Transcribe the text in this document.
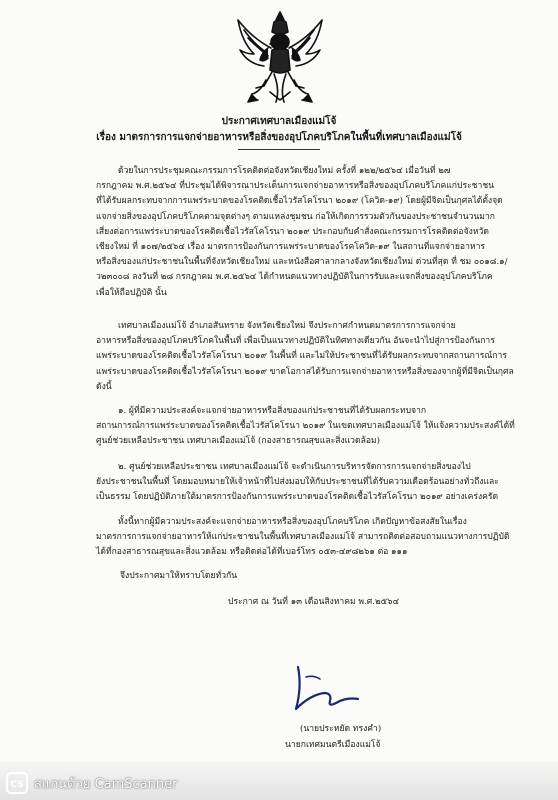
ประกาศเทศบาลเมืองแม่โจ้
เรื่อง มาตรการการแจกจ่ายอาหารหรือสิ่งของอุปโภคบริโภคในพื้นที่เทศบาลเมืองแม่โจ้
ด้วยในการประชุมคณะกรรมการโรคติดต่อจังหวัดเชียงใหม่ ครั้งที่ ๑๒๒/๒๕๖๔ เมื่อวันที่ ๒๗
กรกฎาคม พ.ศ.๒๕๖๔ ที่ประชุมได้พิจารณาประเด็นการแจกจ่ายอาหารหรือสิ่งของอุปโภคบริโภคแก่ประชาชน
ที่ได้รับผลกระทบจากการแพร่ระบาดของโรคติดเชื้อไวรัสโคโรนา ๒๐๑๙ (โควิด-๑๙) โดยผู้มีจิตเป็นกุศลได้ตั้งจุด
แจกจ่ายสิ่งของอุปโภคบริโภคตามจุดต่างๆ ตามแหล่งชุมชน ก่อให้เกิดการรวมตัวกันของประชาชนจำนวนมาก
เสี่ยงต่อการแพร่ระบาดของโรคติดเชื้อไวรัสโคโรนา ๒๐๑๙ ประกอบกับคำสั่งคณะกรรมการโรคติดต่อจังหวัด
เชียงใหม่ ที่ ๑๐๗/๒๕๖๔ เรื่อง มาตรการป้องกันการแพร่ระบาดของโรคโควิด-๑๙ ในสถานที่แจกจ่ายอาหาร
หรือสิ่งของแก่ประชาชนในพื้นที่จังหวัดเชียงใหม่ และหนังสือศาลากลางจังหวัดเชียงใหม่ ด่วนที่สุด ที่ ชม ๐๐๑๘.๑/
ว๒๓๐๐๘ ลงวันที่ ๒๘ กรกฎาคม พ.ศ.๒๕๖๔ ได้กำหนดแนวทางปฏิบัติในการรับและแจกสิ่งของอุปโภคบริโภค
เพื่อให้ถือปฏิบัติ นั้น
เทศบาลเมืองแม่โจ้ อำเภอสันทราย จังหวัดเชียงใหม่ จึงประกาศกำหนดมาตรการการแจกจ่าย
อาหารหรือสิ่งของอุปโภคบริโภคในพื้นที่ เพื่อเป็นแนวทางปฏิบัติในทิศทางเดียวกัน อันจะนำไปสู่การป้องกันการ
แพร่ระบาดของโรคติดเชื้อไวรัสโคโรนา ๒๐๑๙ ในพื้นที่ และไม่ให้ประชาชนที่ได้รับผลกระทบจากสถานการณ์การ
แพร่ระบาดของโรคติดเชื้อไวรัสโคโรนา ๒๐๑๙ ขาดโอกาสได้รับการแจกจ่ายอาหารหรือสิ่งของจากผู้ที่มีจิตเป็นกุศล
ดังนี้
๑. ผู้ที่มีความประสงค์จะแจกจ่ายอาหารหรือสิ่งของแก่ประชาชนที่ได้รับผลกระทบจาก
สถานการณ์การแพร่ระบาดของโรคติดเชื้อไวรัสโคโรนา ๒๐๑๙ ในเขตเทศบาลเมืองแม่โจ้ ให้แจ้งความประสงค์ได้ที่
ศูนย์ช่วยเหลือประชาชน เทศบาลเมืองแม่โจ้ (กองสาธารณสุขและสิ่งแวดล้อม)
๒. ศูนย์ช่วยเหลือประชาชน เทศบาลเมืองแม่โจ้ จะดำเนินการบริหารจัดการการแจกจ่ายสิ่งของไป
ยังประชาชนในพื้นที่ โดยมอบหมายให้เจ้าหน้าที่ไปส่งมอบให้กับประชาชนที่ได้รับความเดือดร้อนอย่างทั่วถึงและ
เป็นธรรม โดยปฏิบัติภายใต้มาตรการป้องกันการแพร่ระบาดของโรคติดเชื้อไวรัสโคโรนา ๒๐๑๙ อย่างเคร่งครัด
ทั้งนี้หากผู้มีความประสงค์จะแจกจ่ายอาหารหรือสิ่งของอุปโภคบริโภค เกิดปัญหาข้อสงสัยในเรื่อง
มาตรการการแจกจ่ายอาหารให้แก่ประชาชนในพื้นที่เทศบาลเมืองแม่โจ้ สามารถติดต่อสอบถามแนวทางการปฏิบัติ
ได้ที่กองสาธารณสุขและสิ่งแวดล้อม หรือติดต่อได้ที่เบอร์โทร ๐๕๓-๔๙๘๒๖๑ ต่อ ๑๑๑
จึงประกาศมาให้ทราบโดยทั่วกัน
ประกาศ ณ วันที่ ๑๓ เดือนสิงหาคม พ.ศ.๒๕๖๔
(นายประหยัด ทรงคำ)
นายกเทศมนตรีเมืองแม่โจ้
CS สแกนด้วย CamScanner
